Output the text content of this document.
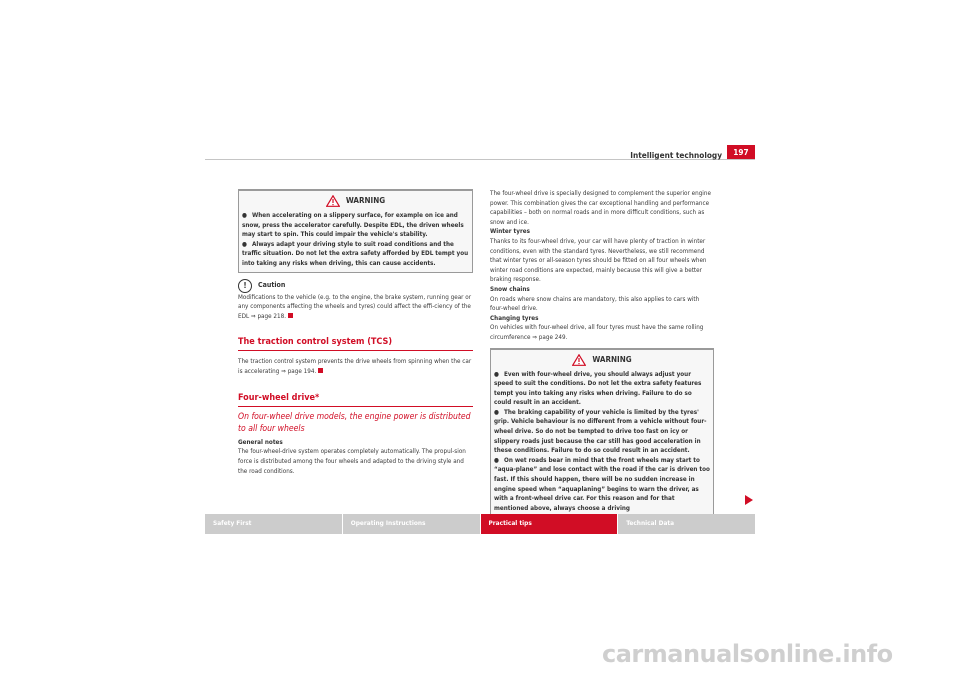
Intelligent technology	197
WARNING

● When accelerating on a slippery surface, for example on ice and snow, press the accelerator carefully. Despite EDL, the driven wheels may start to spin. This could impair the vehicle's stability.

● Always adapt your driving style to suit road conditions and the traffic situation. Do not let the extra safety afforded by EDL tempt you into taking any risks when driving, this can cause accidents.

!	Caution

Modifications to the vehicle (e.g. to the engine, the brake system, running gear or any components affecting the wheels and tyres) could affect the effi-ciency of the EDL ⇒ page 218.

The traction control system (TCS)

The traction control system prevents the drive wheels from spinning when the car is accelerating ⇒ page 194.

Four-wheel drive*
On four-wheel drive models, the engine power is distributed to all four wheels

General notes

The four-wheel-drive system operates completely automatically. The propul-sion force is distributed among the four wheels and adapted to the driving style and the road conditions.

The four-wheel drive is specially designed to complement the superior engine power. This combination gives the car exceptional handling and performance capabilities – both on normal roads and in more difficult conditions, such as snow and ice.

Winter tyres

Thanks to its four-wheel drive, your car will have plenty of traction in winter conditions, even with the standard tyres. Nevertheless, we still recommend that winter tyres or all-season tyres should be fitted on all four wheels when winter road conditions are expected, mainly because this will give a better braking response.

Snow chains

On roads where snow chains are mandatory, this also applies to cars with four-wheel drive.

Changing tyres

On vehicles with four-wheel drive, all four tyres must have the same rolling circumference ⇒ page 249.

WARNING

● Even with four-wheel drive, you should always adjust your speed to suit the conditions. Do not let the extra safety features tempt you into taking any risks when driving. Failure to do so could result in an accident.

● The braking capability of your vehicle is limited by the tyres' grip. Vehicle behaviour is no different from a vehicle without four-wheel drive. So do not be tempted to drive too fast on icy or slippery roads just because the car still has good acceleration in these conditions. Failure to do so could result in an accident.

● On wet roads bear in mind that the front wheels may start to “aqua-plane” and lose contact with the road if the car is driven too fast. If this should happen, there will be no sudden increase in engine speed when “aquaplaning” begins to warn the driver, as with a front-wheel drive car. For this reason and for that mentioned above, always choose a driving

Safety First	Operating Instructions	Practical tips	Technical Data
carmanualsonline.info
